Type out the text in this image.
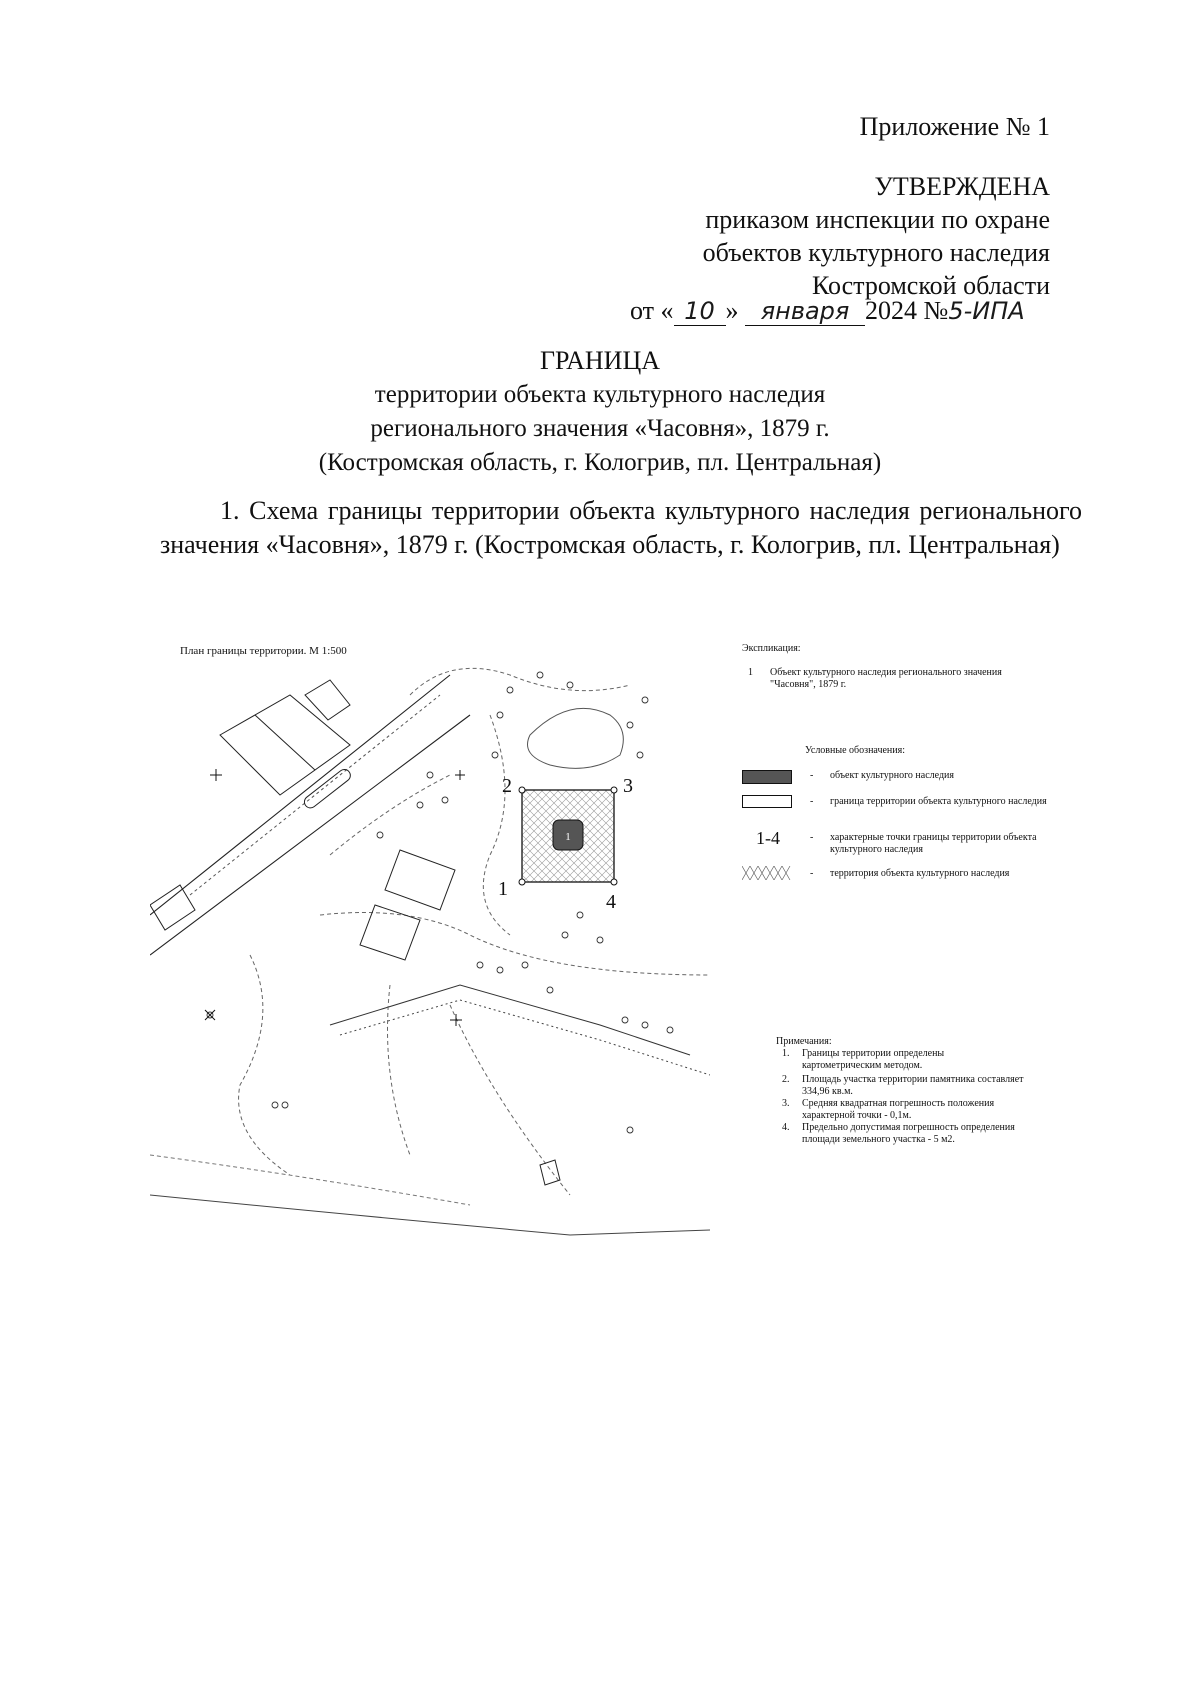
Приложение № 1
УТВЕРЖДЕНА
приказом инспекции по охране
объектов культурного наследия
Костромской области
от « 10 » января 2024 №5-ИПА
ГРАНИЦА
территории объекта культурного наследия
регионального значения «Часовня», 1879 г.
(Костромская область, г. Кологрив, пл. Центральная)
1. Схема границы территории объекта культурного наследия регионального значения «Часовня», 1879 г. (Костромская область, г. Кологрив, пл. Центральная)
План границы территории. М 1:500
1
2	3
4
1
Экспликация:
1 Объект культурного наследия регионального значения "Часовня", 1879 г.
Условные обозначения:
- объект культурного наследия
- граница территории объекта культурного наследия
1-4	- характерные точки границы территории объекта культурного наследия
- территория объекта культурного наследия
Примечания:
1. Границы территории определены картометрическим методом.
2. Площадь участка территории памятника составляет 334,96 кв.м.
3. Средняя квадратная погрешность положения характерной точки - 0,1м.
4. Предельно допустимая погрешность определения площади земельного участка - 5 м2.
